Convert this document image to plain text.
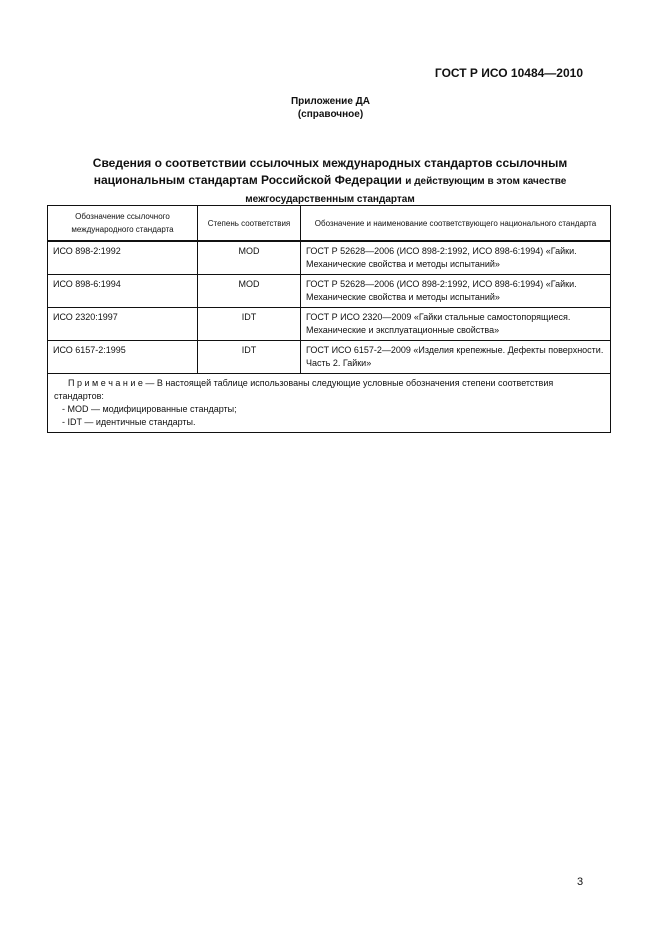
ГОСТ Р ИСО 10484—2010
Приложение ДА
(справочное)
Сведения о соответствии ссылочных международных стандартов ссылочным национальным стандартам Российской Федерации и действующим в этом качестве межгосударственным стандартам
Обозначение ссылочного международного стандарта	Степень соответствия	Обозначение и наименование соответствующего национального стандарта
ИСО 898-2:1992	MOD	ГОСТ Р 52628—2006 (ИСО 898-2:1992, ИСО 898-6:1994) «Гайки. Механические свойства и методы испытаний»
ИСО 898-6:1994	MOD	ГОСТ Р 52628—2006 (ИСО 898-2:1992, ИСО 898-6:1994) «Гайки. Механические свойства и методы испытаний»
ИСО 2320:1997	IDT	ГОСТ Р ИСО 2320—2009 «Гайки стальные самостопорящиеся. Механические и эксплуатационные свойства»
ИСО 6157-2:1995	IDT	ГОСТ ИСО 6157-2—2009 «Изделия крепежные. Дефекты поверхности. Часть 2. Гайки»

П р и м е ч а н и е — В настоящей таблице использованы следующие условные обозначения степени соответствия стандартов:
- MOD — модифицированные стандарты;
- IDT — идентичные стандарты.		
3
